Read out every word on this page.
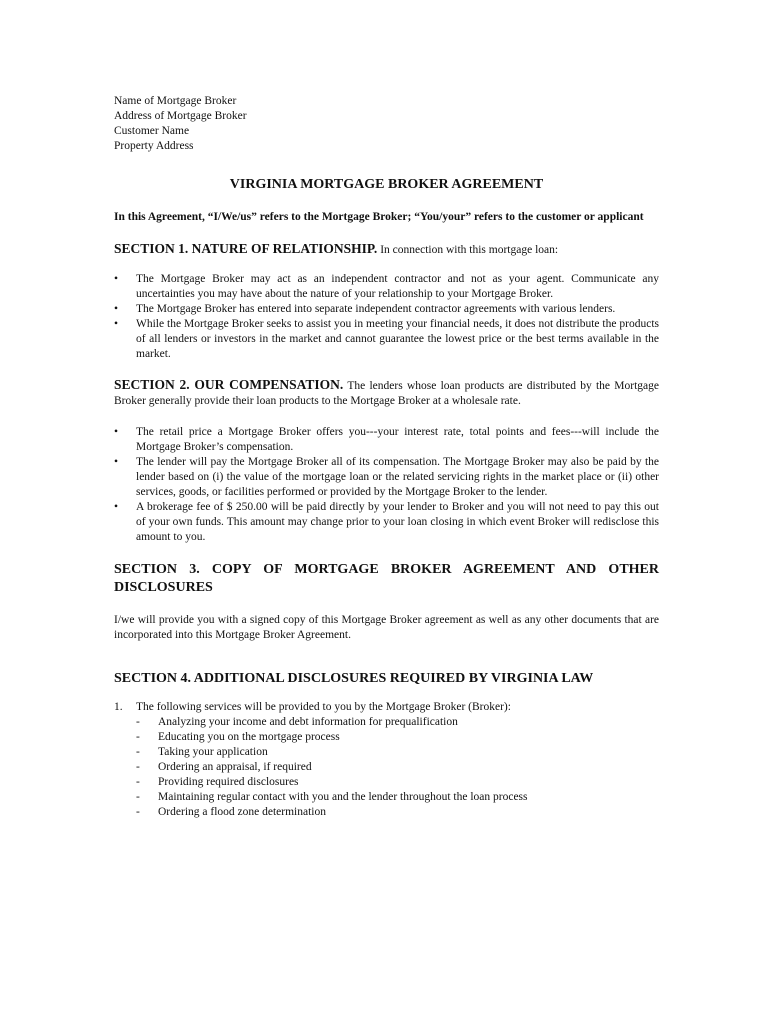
Name of Mortgage Broker
Address of Mortgage Broker
Customer Name
Property Address
VIRGINIA MORTGAGE BROKER AGREEMENT
In this Agreement, “I/We/us” refers to the Mortgage Broker; “You/your” refers to the customer or applicant
SECTION 1. NATURE OF RELATIONSHIP. In connection with this mortgage loan:
• The Mortgage Broker may act as an independent contractor and not as your agent. Communicate any uncertainties you may have about the nature of your relationship to your Mortgage Broker.
• The Mortgage Broker has entered into separate independent contractor agreements with various lenders.
• While the Mortgage Broker seeks to assist you in meeting your financial needs, it does not distribute the products of all lenders or investors in the market and cannot guarantee the lowest price or the best terms available in the market.
SECTION 2. OUR COMPENSATION. The lenders whose loan products are distributed by the Mortgage Broker generally provide their loan products to the Mortgage Broker at a wholesale rate.
• The retail price a Mortgage Broker offers you---your interest rate, total points and fees---will include the Mortgage Broker’s compensation.
• The lender will pay the Mortgage Broker all of its compensation. The Mortgage Broker may also be paid by the lender based on (i) the value of the mortgage loan or the related servicing rights in the market place or (ii) other services, goods, or facilities performed or provided by the Mortgage Broker to the lender.
• A brokerage fee of $ 250.00 will be paid directly by your lender to Broker and you will not need to pay this out of your own funds. This amount may change prior to your loan closing in which event Broker will redisclose this amount to you.
SECTION 3. COPY OF MORTGAGE BROKER AGREEMENT AND OTHER DISCLOSURES
I/we will provide you with a signed copy of this Mortgage Broker agreement as well as any other documents that are incorporated into this Mortgage Broker Agreement.
SECTION 4. ADDITIONAL DISCLOSURES REQUIRED BY VIRGINIA LAW
1. The following services will be provided to you by the Mortgage Broker (Broker):
- Analyzing your income and debt information for prequalification
- Educating you on the mortgage process
- Taking your application
- Ordering an appraisal, if required
- Providing required disclosures
- Maintaining regular contact with you and the lender throughout the loan process
- Ordering a flood zone determination
